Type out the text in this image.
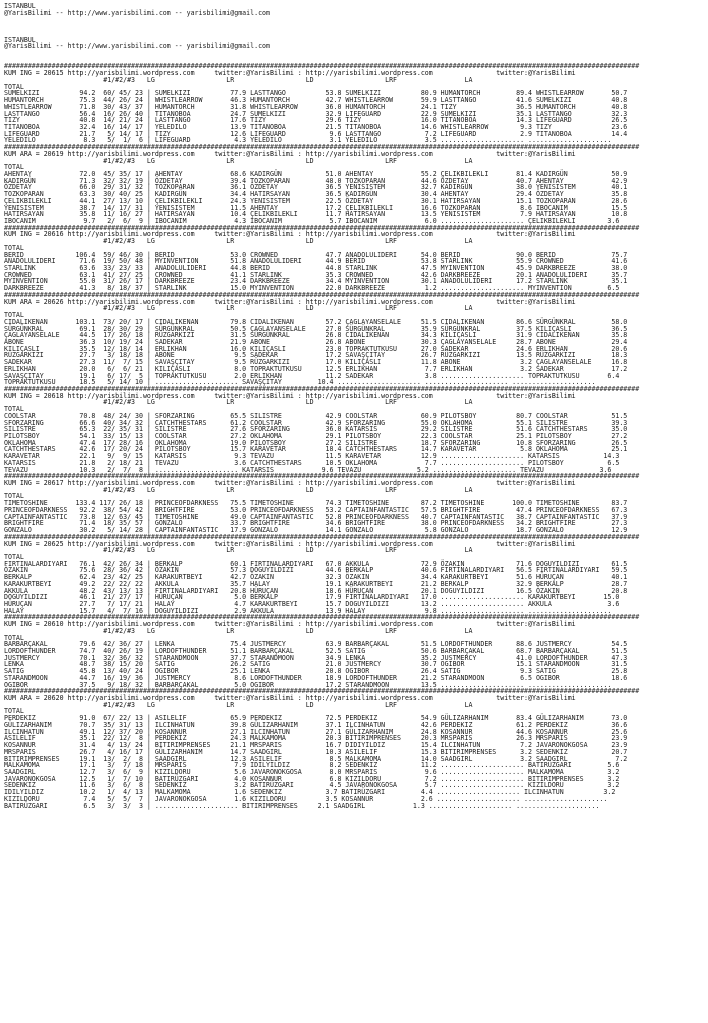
ISTANBUL
@YarisBilimi -- http://www.yarisbilimi.com -- yarisbilimi@gmail.com

ISTANBUL
@YarisBilimi -- http://www.yarisbilimi.com -- yarisbilimi@gmail.com

################################################################################################################################################################
KUM ING = 20615 http://yarisbilimi.wordpress.com     twitter:@YarisBilimi : http://yarisbilimi.wordpress.com                twitter:@YarisBilimi
#1/#2/#3   LG                  LR                  LD                  LRF                 LA
TOTAL
SUMELKIZI          94.2  60/ 45/ 23 | SUMELKIZI          77.9 LASTTANGO          53.8 SUMELKIZI          80.9 HUMANTORCH         89.4 WHISTLEARROW       50.7
HUMANTORCH         75.3  44/ 26/ 24 | WHISTLEARROW       46.3 HUMANTORCH         42.7 WHISTLEARROW       59.9 LASTTANGO          41.6 SUMELKIZI          40.8
WHISTLEARROW       71.8  30/ 43/ 37 | HUMANTORCH         31.8 WHISTLEARROW       36.0 HUMANTORCH         24.1 TIZY               36.5 HUMANTORCH         40.8
LASTTANGO          56.4  16/ 26/ 40 | TITANOBOA          24.7 SUMELKIZI          32.9 LIFEGUARD          22.9 SUMELKIZI          35.1 LASTTANGO          32.3
TIZY               40.8  14/ 21/ 24 | LASTTANGO          17.6 TIZY               29.6 TIZY               16.0 TITANOBOA          14.3 LIFEGUARD          26.5
TITANOBOA          32.4  16/ 14/ 17 | YELEDILO           13.9 TITANOBOA          21.5 TITANOBOA          14.6 WHISTLEARROW        9.3 TIZY               23.6
LIFEGUARD          21.7   5/ 14/ 17 | TIZY               12.6 LIFEGUARD           9.6 LASTTANGO           7.2 LIFEGUARD           2.9 TITANOBOA          14.4
YELEDILO            8.3   5/  1/  6 | LIFEGUARD           4.3 YELEDILO            3.1 YELEDILO            3.5 ..................... .....................
################################################################################################################################################################
KUM ARA = 20619 http://yarisbilimi.wordpress.com     twitter:@YarisBilimi : http://yarisbilimi.wordpress.com                twitter:@YarisBilimi
#1/#2/#3   LG                  LR                  LD                  LRF                 LA
TOTAL
AHENTAY            72.0  45/ 35/ 17 | AHENTAY            68.6 KADIRGÜN           51.0 AHENTAY            55.2 ÇELIKBILEKLI       81.4 KADIRGÜN           50.9
KADIRGÜN           71.3  32/ 32/ 19 | ÖZDETAY            39.4 TOZKOPARAN         48.0 TOZKOPARAN         44.6 ÖZDETAY            40.7 AHENTAY            42.9
ÖZDETAY            66.0  29/ 31/ 32 | TOZKOPARAN         36.1 ÖZDETAY            36.5 YENISISTEM         32.7 KADIRGÜN           38.0 YENISISTEM         40.1
TOZKOPARAN         63.3  30/ 40/ 25 | KADIRGÜN           34.4 HATIRSAYAN         36.5 KADIRGÜN           30.4 AHENTAY            29.4 ÖZDETAY            35.8
ÇELIKBILEKLI       44.1  27/ 13/ 10 | ÇELIKBILEKLI       24.3 YENISISTEM         22.5 ÖZDETAY            30.1 HATIRSAYAN         15.1 TOZKOPARAN         28.6
YENISISTEM         38.7  14/ 17/ 31 | YENISISTEM         11.5 AHENTAY            17.2 ÇELIKBILEKLI       16.6 TOZKOPARAN          8.6 IBOCANIM           15.5
HATIRSAYAN         35.8  11/ 16/ 27 | HATIRSAYAN         10.4 ÇELIKBILEKLI       11.7 HATIRSAYAN         13.5 YENISISTEM          7.9 HATIRSAYAN         10.8
IBOCANIM            9.7   2/  6/  9 | IBOCANIM            4.3 IBOCANIM            5.7 IBOCANIM            6.0 ..................... ÇELIKBILEKLI        3.6
################################################################################################################################################################
KUM ING = 20616 http://yarisbilimi.wordpress.com     twitter:@YarisBilimi : http://yarisbilimi.wordpress.com                twitter:@YarisBilimi
#1/#2/#3   LG                  LR                  LD                  LRF                 LA
TOTAL
BERID             106.4  59/ 46/ 30 | BERID              53.0 CROWNED            47.7 ANADOLULIDERI      54.0 BERID              90.0 BERID              75.7
ANADOLULIDERI      71.6  19/ 50/ 48 | MYINVENTION        51.8 ANADOLULIDERI      44.9 BERID              53.8 STARLINK           55.9 CROWNED            41.6
STARLINK           63.6  33/ 23/ 33 | ANADOLULIDERI      44.8 BERID              44.8 STARLINK           47.5 MYINVENTION        45.9 DARKBREEZE         38.0
CROWNED            63.1  41/ 27/ 25 | CROWNED            41.1 STARLINK           35.3 CROWNED            42.6 DARKBREEZE         20.1 ANADOLULIDERI      35.7
MYINVENTION        55.0  31/ 26/ 17 | DARKBREEZE         23.4 DARKBREEZE         34.4 MYINVENTION        30.1 ANADOLULIDERI      17.2 STARLINK           35.1
DARKBREEZE         41.3   8/ 18/ 37 | STARLINK           15.0 MYINVENTION        22.0 DARKBREEZE          1.2 ..................... MYINVENTION         6.5
################################################################################################################################################################
KUM ARA = 20626 http://yarisbilimi.wordpress.com     twitter:@YarisBilimi : http://yarisbilimi.wordpress.com                twitter:@YarisBilimi
#1/#2/#3   LG                  LR                  LD                  LRF                 LA
TOTAL
CIDALIKENAN       103.1  73/ 20/ 17 | CIDALIKENAN        79.8 CIDALIKENAN        57.2 ÇAGLAYANSELALE     51.5 CIDALIKENAN        86.6 SÜRGÜNKRAL         58.0
SÜRGÜNKRAL         69.1  28/ 30/ 29 | SÜRGÜNKRAL         50.5 ÇAGLAYANSELALE     27.0 SÜRGÜNKRAL         35.9 SÜRGÜNKRAL         37.5 KILIÇASLI          36.5
ÇAGLAYANSELALE     44.5  17/ 26/ 18 | RÜZGARKIZI         31.5 SÜRGÜNKRAL         26.8 CIDALIKENAN        34.3 KILIÇASLI          31.9 CIDALIKENAN        35.8
ABONE              36.3  10/ 19/ 24 | SADEKAR            21.9 ABONE              26.8 ABONE              30.3 ÇAGLAYANSELALE     28.7 ABONE              29.4
KILIÇASLI          35.5  12/ 18/ 14 | ERLIKHAN           16.0 KILIÇASLI          23.0 TOPRAKTUTKUSU      27.0 SADEKAR            24.6 ERLIKHAN           20.6
RÜZGARKIZI         27.7   3/ 18/ 18 | ABONE               9.5 SADEKAR            17.2 SAVAŞÇITAY         26.7 RÜZGARKIZI         13.5 RÜZGARKIZI         18.3
SADEKAR            27.3  11/  7/ 15 | SAVAŞÇITAY          9.5 RÜZGARKIZI         17.0 KILIÇASLI          11.8 ABONE               3.2 ÇAGLAYANSELALE     16.8
ERLIKHAN           20.0   6/  6/ 21 | KILIÇASLI           8.0 TOPRAKTUTKUSU      12.5 ERLIKHAN            7.7 ERLIKHAN            3.2 SADEKAR            17.2
SAVAŞÇITAY         19.1   6/ 17/  5 | TOPRAKTUTKUSU       2.0 ERLIKHAN           11.2 SADEKAR             3.8 ..................... TOPRAKTUTKUSU       6.4
TOPRAKTUTKUSU      18.5   5/ 14/ 10 | ..................... SAVAŞÇITAY         10.4 ..................... ..................... .....................
################################################################################################################################################################
KUM ING = 20618 http://yarisbilimi.wordpress.com     twitter:@YarisBilimi : http://yarisbilimi.wordpress.com                twitter:@YarisBilimi
#1/#2/#3   LG                  LR                  LD                  LRF                 LA
TOTAL
COOLSTAR           70.8  48/ 24/ 30 | SFORZARING         65.5 SILISTRE           42.9 COOLSTAR           60.9 PILOTSBOY          80.7 COOLSTAR           51.5
SFORZARING         66.6  40/ 34/ 32 | CATCHTHESTARS      61.2 COOLSTAR           42.9 SFORZARING         55.0 OKLAHOMA           55.1 SILISTRE           39.3
SILISTRE           65.3  22/ 35/ 31 | SILISTRE           27.6 SFORZARING         36.0 KATARSIS           29.2 SILISTRE           51.6 CATCHTHESTARS      35.0
PILOTSBOY          54.1  33/ 15/ 13 | COOLSTAR           27.2 OKLAHOMA           29.1 PILOTSBOY          22.3 COOLSTAR           25.1 PILOTSBOY          27.2
OKLAHOMA           47.4  17/ 28/ 16 | OKLAHOMA           19.0 PILOTSBOY          27.2 SILISTRE           18.7 SFORZARING         10.8 SFORZARING         26.5
CATCHTHESTARS      42.6  17/ 20/ 24 | PILOTSBOY          15.7 KARAVETAR          18.4 CATCHTHESTARS      14.7 KARAVETAR           5.8 OKLAHOMA           25.1
KARAVETAR          22.1   9/  9/ 15 | KATARSIS            9.3 TEVAZU             11.5 KARAVETAR          12.9 ..................... KATARSIS           14.3
KATARSIS           21.8   2/ 18/ 21 | TEVAZU              3.6 CATCHTHESTARS      10.5 OKLAHOMA            7.7 ..................... PILOTSBOY           6.5
TEVAZU             10.3   2/  7/  8 | ..................... KATARSIS            9.6 TEVAZU              5.2 ..................... TEVAZU              3.6
################################################################################################################################################################
KUM ING = 20617 http://yarisbilimi.wordpress.com     twitter:@YarisBilimi : http://yarisbilimi.wordpress.com                twitter:@YarisBilimi
#1/#2/#3   LG                  LR                  LD                  LRF                 LA
TOTAL
TIMETOSHINE       133.4 117/ 26/ 18 | PRINCEOFDARKNESS   75.5 TIMETOSHINE        74.3 TIMETOSHINE        87.2 TIMETOSHINE       100.0 TIMETOSHINE        83.7
PRINCEOFDARKNESS   92.2  38/ 54/ 42 | BRIGHTFIRE         53.0 PRINCEOFDARKNESS   53.2 CAPTAINFANTASTIC   57.5 BRIGHTFIRE         47.4 PRINCEOFDARKNESS   67.3
CAPTAINFANTASTIC   73.8  12/ 63/ 45 | TIMETOSHINE        49.0 CAPTAINFANTASTIC   52.8 PRINCEOFDARKNESS   40.7 CAPTAINFANTASTIC   38.7 CAPTAINFANTASTIC   37.9
BRIGHTFIRE         71.4  18/ 35/ 57 | GONZALO            33.7 BRIGHTFIRE         34.6 BRIGHTFIRE         38.0 PRINCEOFDARKNESS   34.2 BRIGHTFIRE         27.3
GONZALO            30.2   5/ 14/ 28 | CAPTAINFANTASTIC   17.9 GONZALO            14.1 GONZALO             5.8 GONZALO            18.7 GONZALO            12.9
################################################################################################################################################################
KUM ING = 20625 http://yarisbilimi.wordpress.com     twitter:@YarisBilimi : http://yarisbilimi.wordpress.com                twitter:@YarisBilimi
#1/#2/#3   LG                  LR                  LD                  LRF                 LA
TOTAL
FIRTINALARDIYARI   76.1  42/ 26/ 34 | BERKALP            60.1 FIRTINALARDIYARI   67.0 AKKULA             72.9 ÖZAKIN             71.6 DOGUYILDIZI        61.5
ÖZAKIN             75.6  28/ 36/ 42 | ÖZAKIN             57.3 DOGUYILDIZI        44.6 BERKALP            40.6 FIRTINALARDIYARI   56.5 FIRTINALARDIYARI   59.5
BERKALP            62.4  23/ 42/ 25 | KARAKURTBEYI       42.7 ÖZAKIN             32.3 ÖZAKIN             34.4 KARAKURTBEYI       51.6 HÜRUÇAN            40.1
KARAKURTBEYI       49.2  22/ 22/ 22 | AKKULA             35.7 HALAY              19.1 KARAKURTBEYI       21.2 BERKALP            32.9 BERKALP            28.7
AKKULA             48.2  43/ 13/ 13 | FIRTINALARDIYARI   20.8 HÜRUÇAN            18.6 HÜRUÇAN            20.1 DOGUYILDIZI        16.5 ÖZAKIN             20.8
DOGUYILDIZI        46.1  21/ 27/ 17 | HÜRUÇAN             5.0 BERKALP            17.9 FIRTINALARDIYARI   17.0 ..................... KARAKURTBEYI       15.0
HÜRUÇAN            27.7   7/ 17/ 21 | HALAY               4.7 KARAKURTBEYI       15.7 DOGUYILDIZI        13.2 ..................... AKKULA              3.6
HALAY              15.7   4/  7/ 16 | DOGUYILDIZI         2.9 AKKULA             13.9 HALAY               9.8 ..................... .....................
################################################################################################################################################################
KUM ING = 20610 http://yarisbilimi.wordpress.com     twitter:@YarisBilimi : http://yarisbilimi.wordpress.com                twitter:@YarisBilimi
#1/#2/#3   LG                  LR                  LD                  LRF                 LA
TOTAL
BARBARÇAKAL        79.6  42/ 36/ 27 | LENKA              75.4 JUSTMERCY          63.9 BARBARÇAKAL        51.5 LORDOFTHUNDER      88.6 JUSTMERCY          54.5
LORDOFTHUNDER      74.7  40/ 26/ 19 | LORDOFTHUNDER      51.1 BARBARÇAKAL        52.5 SATIG              50.6 BARBARÇAKAL        68.7 BARBARÇAKAL        51.5
JUSTMERCY          70.1  32/ 36/ 32 | STARANDMOON        37.7 STARANDMOON        34.9 LENKA              35.2 JUSTMERCY          41.0 LORDOFTHUNDER      47.3
LENKA              48.7  38/ 15/ 20 | SATIG              26.2 SATIG              21.0 JUSTMERCY          30.7 OGIBOR             15.1 STARANDMOON        31.5
SATIG              45.8  13/ 40/ 24 | OGIBOR             25.1 LENKA              20.8 OGIBOR             26.4 SATIG               9.3 SATIG              25.8
STARANDMOON        44.7  16/ 19/ 36 | JUSTMERCY           8.6 LORDOFTHUNDER      18.9 LORDOFTHUNDER      21.2 STARANDMOON         6.5 OGIBOR             18.6
OGIBOR             37.5   9/ 18/ 32 | BARBARÇAKAL         5.0 OGIBOR             17.2 STARANDMOON        13.5 ..................... .....................
################################################################################################################################################################
KUM ARA = 20620 http://yarisbilimi.wordpress.com     twitter:@YarisBilimi : http://yarisbilimi.wordpress.com                twitter:@YarisBilimi
#1/#2/#3   LG                  LR                  LD                  LRF                 LA
TOTAL
PERDEKIZ           91.0  67/ 22/ 13 | ASILELIF           65.9 PERDEKIZ           72.5 PERDEKIZ           54.9 GÜLIZARHANIM       83.4 GÜLIZARHANIM       73.0
GÜLIZARHANIM       70.7  35/ 31/ 13 | ILCINHATUN         39.8 GÜLIZARHANIM       37.1 ILCINHATUN         42.6 PERDEKIZ           61.2 PERDEKIZ           36.6
ILCINHATUN         49.1  12/ 37/ 20 | KOSANNUR           27.1 ILCINHATUN         27.1 GÜLIZARHANIM       24.8 KOSANNUR           44.6 KOSANNUR           25.6
ASILELIF           35.1  22/ 12/  8 | PERDEKIZ           24.3 MALKAMOMA          20.3 BITIRIMPRENSES     20.3 MRSPARIS           26.3 MRSPARIS           23.9
KOSANNUR           31.4   4/ 13/ 24 | BITIRIMPRENSES     21.1 MRSPARIS           16.7 DIDIYILDIZ         15.4 ILCINHATUN          7.2 JAVARONOKGOSA      23.9
MRSPARIS           26.7   4/ 16/ 17 | GÜLIZARHANIM       14.7 SAADGIRL           10.3 ASILELIF           15.3 BITIRIMPRENSES      3.2 SEDENKIZ           20.7
BITIRIMPRENSES     19.1  13/  2/  8 | SAADGIRL           12.3 ASILELIF            8.5 MALKAMOMA          14.0 SAADGIRL            3.2 SAADGIRL            7.2
MALKAMOMA          17.1   3/  7/ 18 | MRSPARIS            7.9 IDILYILDIZ          8.2 SEDENKIZ           11.2 ..................... BATIRÜZGARI         5.6
SAADGIRL           12.7   3/  6/  9 | KIZILDORU           5.6 JAVARONOKGOSA       8.0 MRSPARIS            9.6 ..................... MALKAMOMA           3.2
JAVARONOKGOSA      12.5   1/  7/ 10 | BATIRÜZGARI         4.0 KOSANNUR            6.8 KIZILDORU           7.2 ..................... BITIRIMPRENSES      3.2
SEDENKIZ           11.6   3/  6/  8 | SEDENKIZ            3.2 BATIRÜZGARI         4.5 JAVARONOKGOSA       5.7 ..................... KIZILDORU           3.2
IDILYILDIZ         10.2   1/  4/ 13 | MALKAMOMA           1.6 SEDENKIZ           3.7 BATIRÜZGARI         4.4 ..................... ILCINHATUN          3.2
KIZILDORU           7.4   5/  5/  7 | JAVARONOKGOSA       1.6 KIZILDORU          3.5 KOSANNUR            2.6 ..................... .....................
BATIRÜZGARI         6.5   3/  3/  3 | ..................... BITIRIMPRENSES     2.1 SAADGIRL            1.3 ..................... .....................
